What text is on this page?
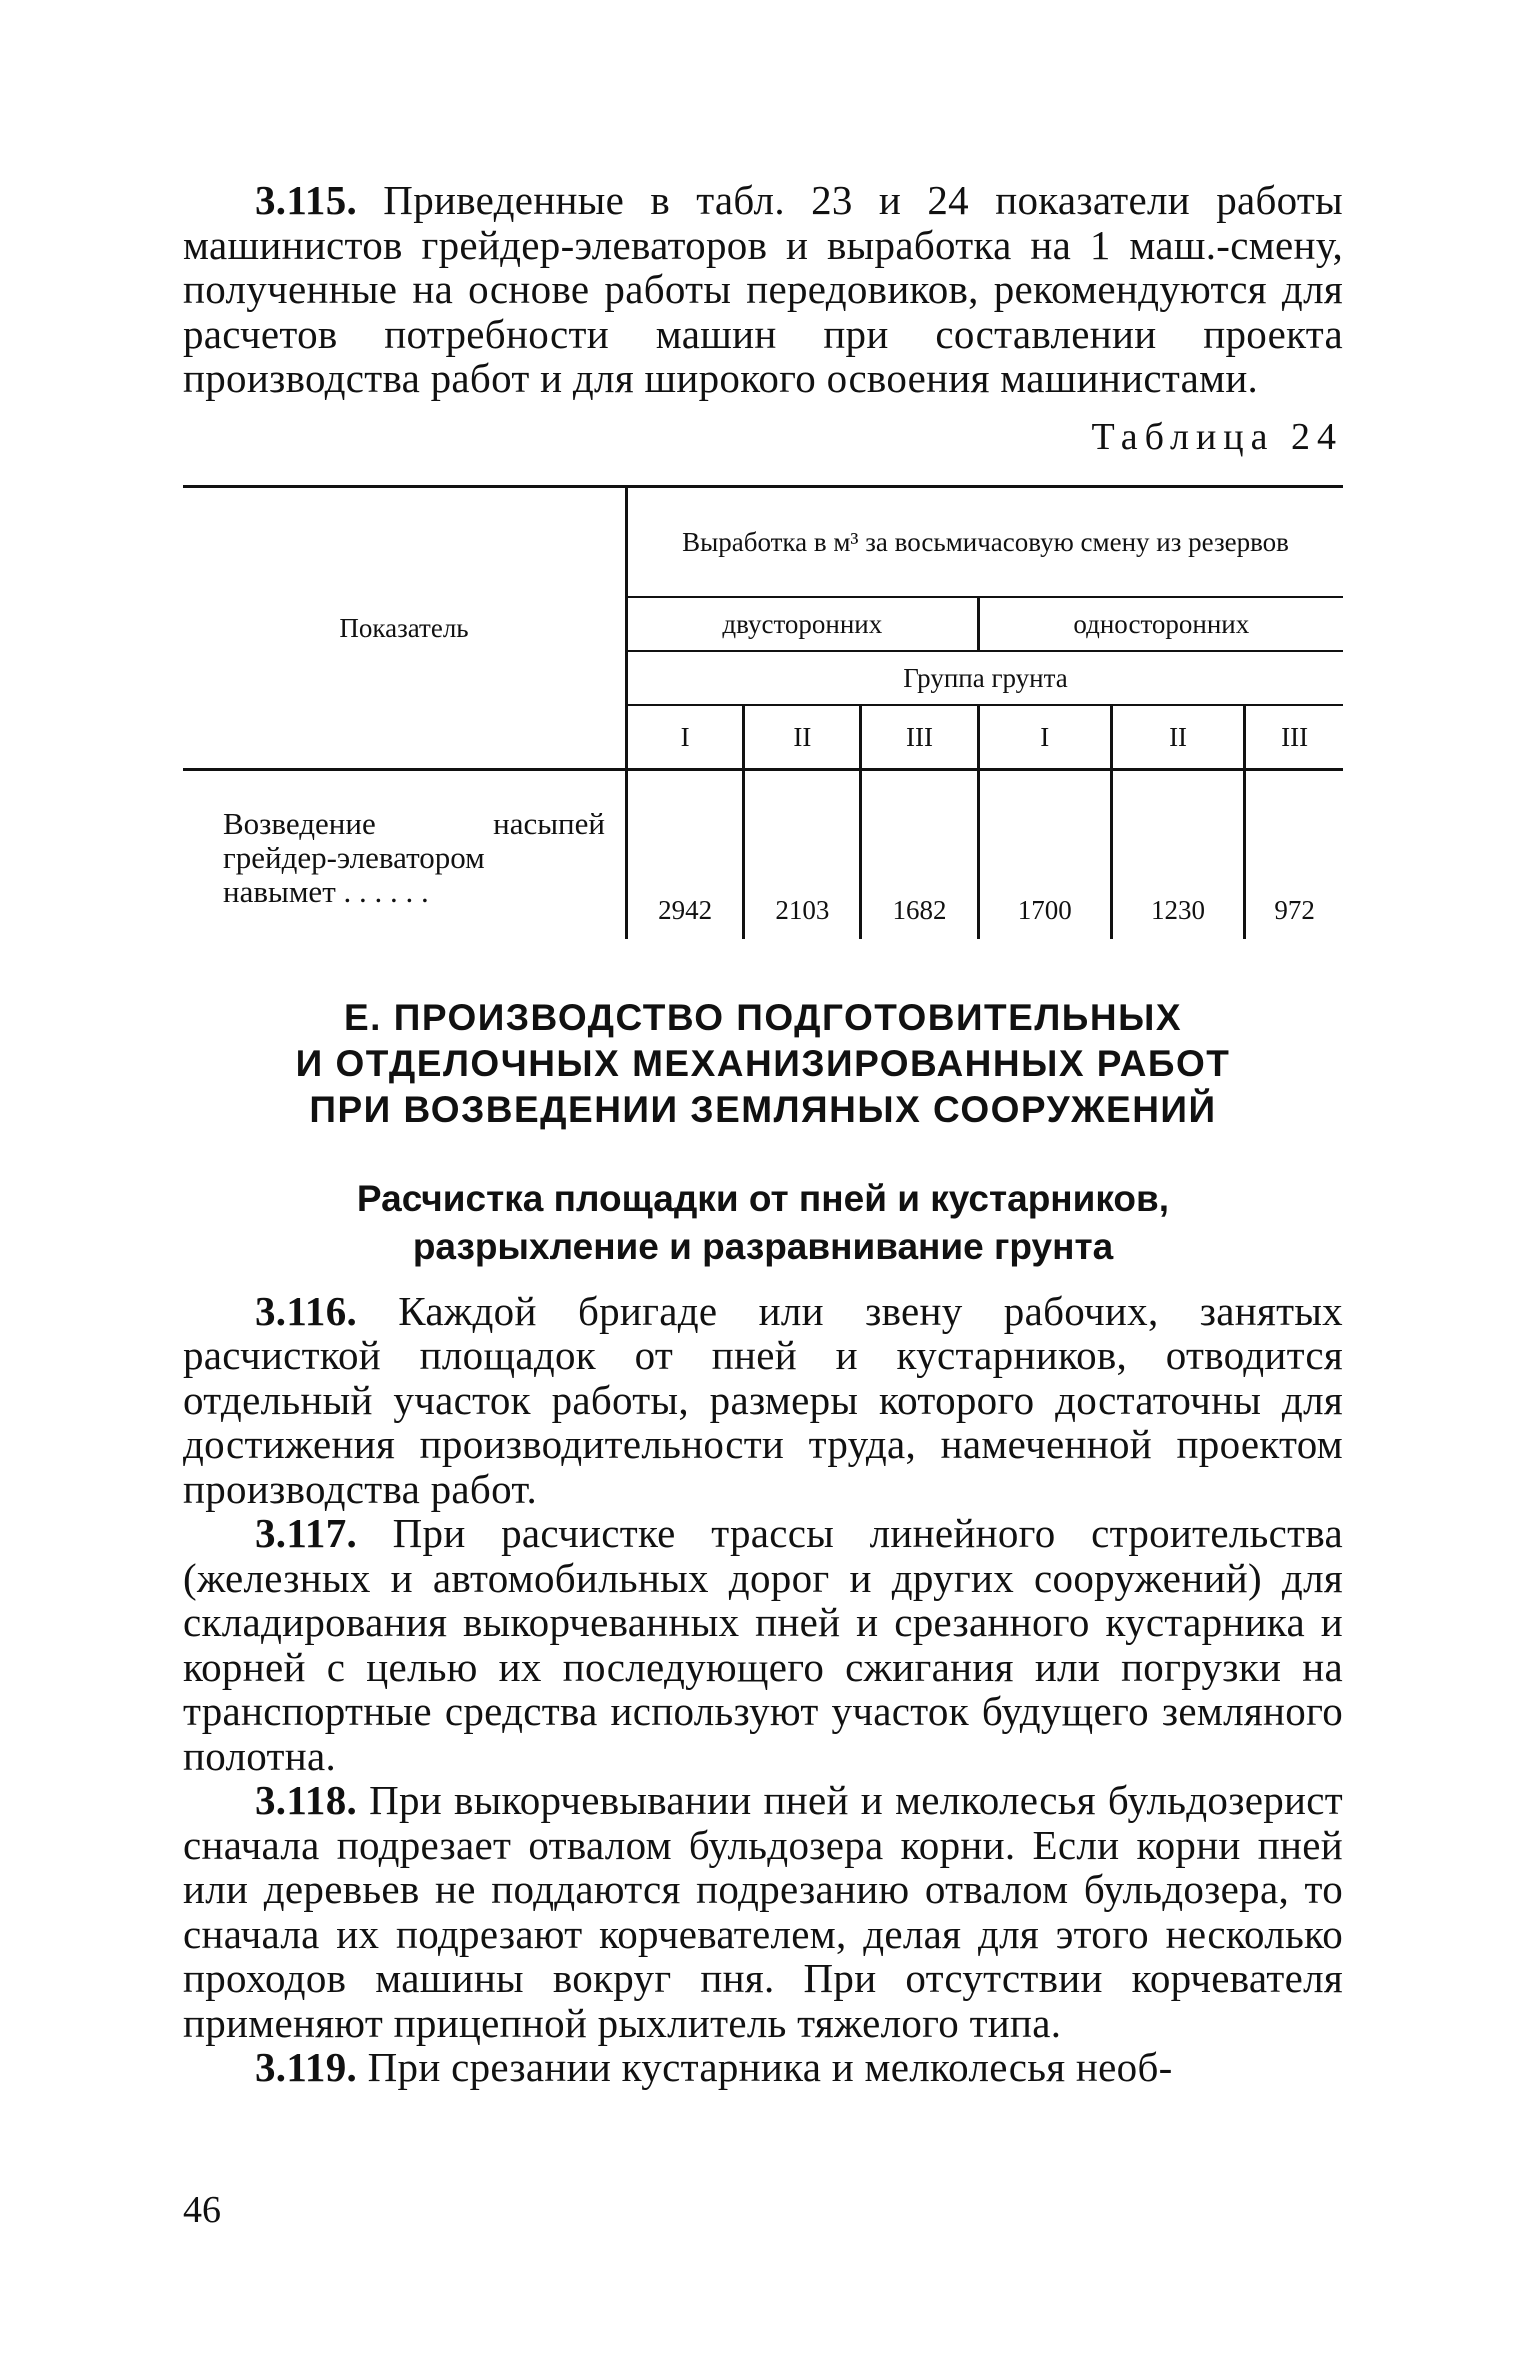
3.115. Приведенные в табл. 23 и 24 показатели работы машинистов грейдер-элеваторов и выработка на 1 маш.-смену, полученные на основе работы передовиков, рекомендуются для расчетов потребности машин при составлении проекта производства работ и для широкого освоения машинистами.

Таблица 24
Показатель	Выработка в м³ за восьмичасовую смену из резервов					
	двусторонних			односторонних		
	Группа грунта					
	I	II	III	I	II	III
Возведение насыпей грейдер-элеватором навымет . . . . . .	2942	2103	1682	1700	1230	972
Е. ПРОИЗВОДСТВО ПОДГОТОВИТЕЛЬНЫХ
И ОТДЕЛОЧНЫХ МЕХАНИЗИРОВАННЫХ РАБОТ
ПРИ ВОЗВЕДЕНИИ ЗЕМЛЯНЫХ СООРУЖЕНИЙ
Расчистка площадки от пней и кустарников,
разрыхление и разравнивание грунта

3.116. Каждой бригаде или звену рабочих, занятых расчисткой площадок от пней и кустарников, отводится отдельный участок работы, размеры которого достаточны для достижения производительности труда, намеченной проектом производства работ.

3.117. При расчистке трассы линейного строительства (железных и автомобильных дорог и других сооружений) для складирования выкорчеванных пней и срезанного кустарника и корней с целью их последующего сжигания или погрузки на транспортные средства используют участок будущего земляного полотна.

3.118. При выкорчевывании пней и мелколесья бульдозерист сначала подрезает отвалом бульдозера корни. Если корни пней или деревьев не поддаются подрезанию отвалом бульдозера, то сначала их подрезают корчевателем, делая для этого несколько проходов машины вокруг пня. При отсутствии корчевателя применяют прицепной рыхлитель тяжелого типа.

3.119. При срезании кустарника и мелколесья необ-

46
